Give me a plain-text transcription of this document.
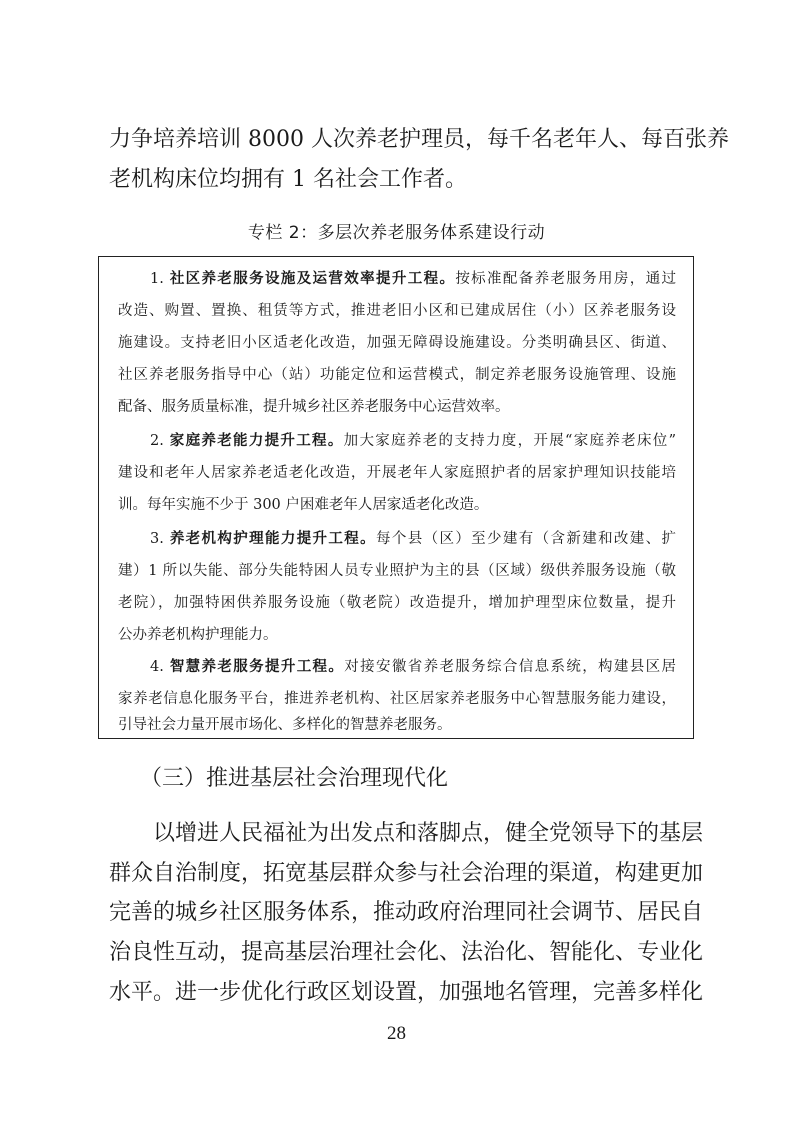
力争培养培训 8000 人次养老护理员，每千名老年人、每百张养
老机构床位均拥有 1 名社会工作者。
专栏 2：多层次养老服务体系建设行动
1. 社区养老服务设施及运营效率提升工程。按标准配备养老服务用房，通过
改造、购置、置换、租赁等方式，推进老旧小区和已建成居住（小）区养老服务设
施建设。支持老旧小区适老化改造，加强无障碍设施建设。分类明确县区、街道、
社区养老服务指导中心（站）功能定位和运营模式，制定养老服务设施管理、设施
配备、服务质量标准，提升城乡社区养老服务中心运营效率。
2. 家庭养老能力提升工程。加大家庭养老的支持力度，开展“家庭养老床位”
建设和老年人居家养老适老化改造，开展老年人家庭照护者的居家护理知识技能培
训。每年实施不少于 300 户困难老年人居家适老化改造。
3. 养老机构护理能力提升工程。每个县（区）至少建有（含新建和改建、扩
建）1 所以失能、部分失能特困人员专业照护为主的县（区域）级供养服务设施（敬
老院），加强特困供养服务设施（敬老院）改造提升，增加护理型床位数量，提升
公办养老机构护理能力。
4. 智慧养老服务提升工程。对接安徽省养老服务综合信息系统，构建县区居
家养老信息化服务平台，推进养老机构、社区居家养老服务中心智慧服务能力建设，
引导社会力量开展市场化、多样化的智慧养老服务。
（三）推进基层社会治理现代化
以增进人民福祉为出发点和落脚点，健全党领导下的基层
群众自治制度，拓宽基层群众参与社会治理的渠道，构建更加
完善的城乡社区服务体系，推动政府治理同社会调节、居民自
治良性互动，提高基层治理社会化、法治化、智能化、专业化
水平。进一步优化行政区划设置，加强地名管理，完善多样化
28
